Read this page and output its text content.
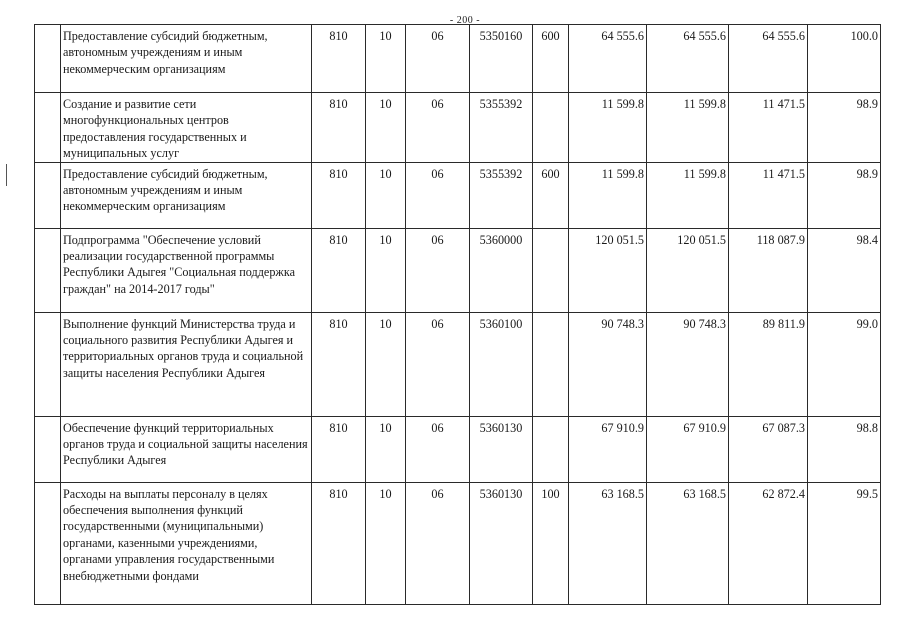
- 200 -
	Предоставление субсидий бюджетным, автономным учреждениям и иным некоммерческим организациям	810	10	06	5350160	600	64 555.6	64 555.6	64 555.6	100.0
	Создание и развитие сети многофункциональных центров предоставления государственных и муниципальных услуг	810	10	06	5355392		11 599.8	11 599.8	11 471.5	98.9
	Предоставление субсидий бюджетным, автономным учреждениям и иным некоммерческим организациям	810	10	06	5355392	600	11 599.8	11 599.8	11 471.5	98.9
	Подпрограмма "Обеспечение условий реализации государственной программы Республики Адыгея "Социальная поддержка граждан" на 2014-2017 годы"	810	10	06	5360000		120 051.5	120 051.5	118 087.9	98.4
	Выполнение функций Министерства труда и социального развития Республики Адыгея и территориальных органов труда и социальной защиты населения Республики Адыгея	810	10	06	5360100		90 748.3	90 748.3	89 811.9	99.0
	Обеспечение функций территориальных органов труда и социальной защиты населения Республики Адыгея	810	10	06	5360130		67 910.9	67 910.9	67 087.3	98.8
	Расходы на выплаты персоналу в целях обеспечения выполнения функций государственными (муниципальными) органами, казенными учреждениями, органами управления государственными внебюджетными фондами	810	10	06	5360130	100	63 168.5	63 168.5	62 872.4	99.5
